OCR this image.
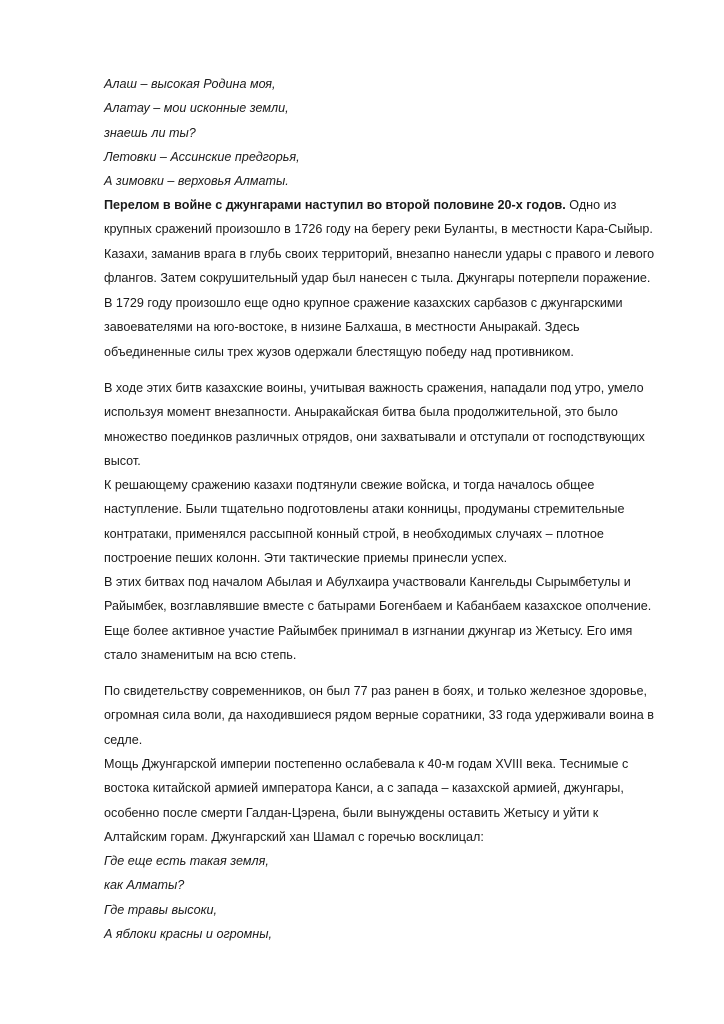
Алаш – высокая Родина моя,
Алатау – мои исконные земли,
знаешь ли ты?
Летовки – Ассинские предгорья,
А зимовки – верховья Алматы.
Перелом в войне с джунгарами наступил во второй половине 20-х годов. Одно из
крупных сражений произошло в 1726 году на берегу реки Буланты, в местности Кара-Сыйыр.
Казахи, заманив врага в глубь своих территорий, внезапно нанесли удары с правого и левого
флангов. Затем сокрушительный удар был нанесен с тыла. Джунгары потерпели поражение.
В 1729 году произошло еще одно крупное сражение казахских сарбазов с джунгарскими
завоевателями на юго-востоке, в низине Балхаша, в местности Аныракай. Здесь
объединенные силы трех жузов одержали блестящую победу над противником.
В ходе этих битв казахские воины, учитывая важность сражения, нападали под утро, умело
используя момент внезапности. Аныракайская битва была продолжительной, это было
множество поединков различных отрядов, они захватывали и отступали от господствующих
высот.
К решающему сражению казахи подтянули свежие войска, и тогда началось общее
наступление. Были тщательно подготовлены атаки конницы, продуманы стремительные
контратаки, применялся рассыпной конный строй, в необходимых случаях – плотное
построение пеших колонн. Эти тактические приемы принесли успех.
В этих битвах под началом Абылая и Абулхаира участвовали Кангельды Сырымбетулы и
Райымбек, возглавлявшие вместе с батырами Богенбаем и Кабанбаем казахское ополчение.
Еще более активное участие Райымбек принимал в изгнании джунгар из Жетысу. Его имя
стало знаменитым на всю степь.
По свидетельству современников, он был 77 раз ранен в боях, и только железное здоровье,
огромная сила воли, да находившиеся рядом верные соратники, 33 года удерживали воина в
седле.
Мощь Джунгарской империи постепенно ослабевала к 40-м годам XVIII века. Теснимые с
востока китайской армией императора Канси, а с запада – казахской армией, джунгары,
особенно после смерти Галдан-Цэрена, были вынуждены оставить Жетысу и уйти к
Алтайским горам. Джунгарский хан Шамал с горечью восклицал:
Где еще есть такая земля,
как Алматы?
Где травы высоки,
А яблоки красны и огромны,
